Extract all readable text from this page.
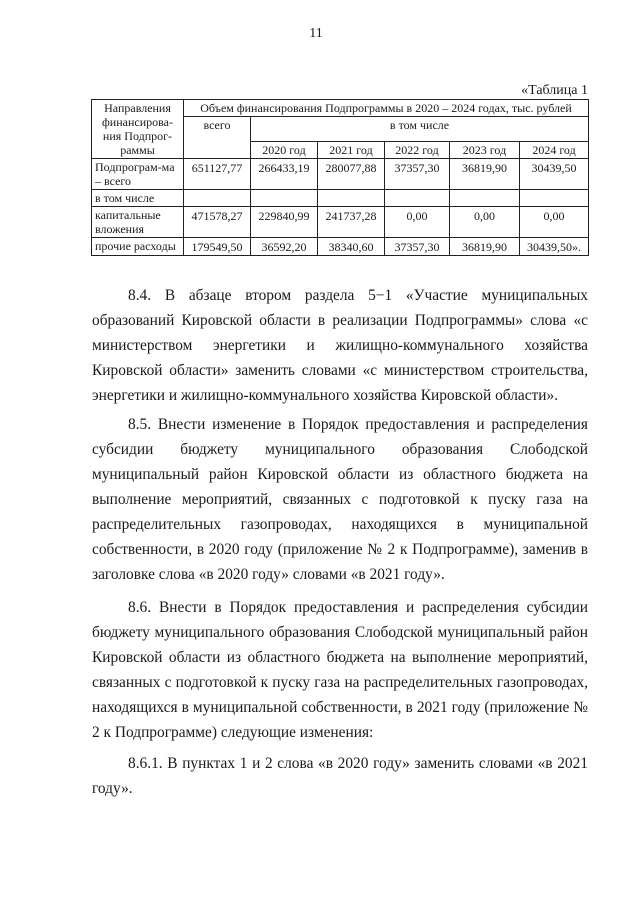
11
«Таблица 1
Направления финансирова-ния Подпрог-раммы	Объем финансирования Подпрограммы в 2020 – 2024 годах, тыс. рублей					
	всего	в том числе				
		2020 год	2021 год	2022 год	2023 год	2024 год
Подпрограм-ма – всего	651127,77	266433,19	280077,88	37357,30	36819,90	30439,50
в том числе						
капитальные вложения	471578,27	229840,99	241737,28	0,00	0,00	0,00
прочие расходы	179549,50	36592,20	38340,60	37357,30	36819,90	30439,50».
8.4. В абзаце втором раздела 5−1 «Участие муниципальных образований Кировской области в реализации Подпрограммы» слова «с министерством энергетики и жилищно-коммунального хозяйства Кировской области» заменить словами «с министерством строительства, энергетики и жилищно-коммунального хозяйства Кировской области».
8.5. Внести изменение в Порядок предоставления и распределения субсидии бюджету муниципального образования Слободской муниципальный район Кировской области из областного бюджета на выполнение мероприятий, связанных с подготовкой к пуску газа на распределительных газопроводах, находящихся в муниципальной собственности, в 2020 году (приложение № 2 к Подпрограмме), заменив в заголовке слова «в 2020 году» словами «в 2021 году».
8.6. Внести в Порядок предоставления и распределения субсидии бюджету муниципального образования Слободской муниципальный район Кировской области из областного бюджета на выполнение мероприятий, связанных с подготовкой к пуску газа на распределительных газопроводах, находящихся в муниципальной собственности, в 2021 году (приложение № 2 к Подпрограмме) следующие изменения:
8.6.1. В пунктах 1 и 2 слова «в 2020 году» заменить словами «в 2021 году».
